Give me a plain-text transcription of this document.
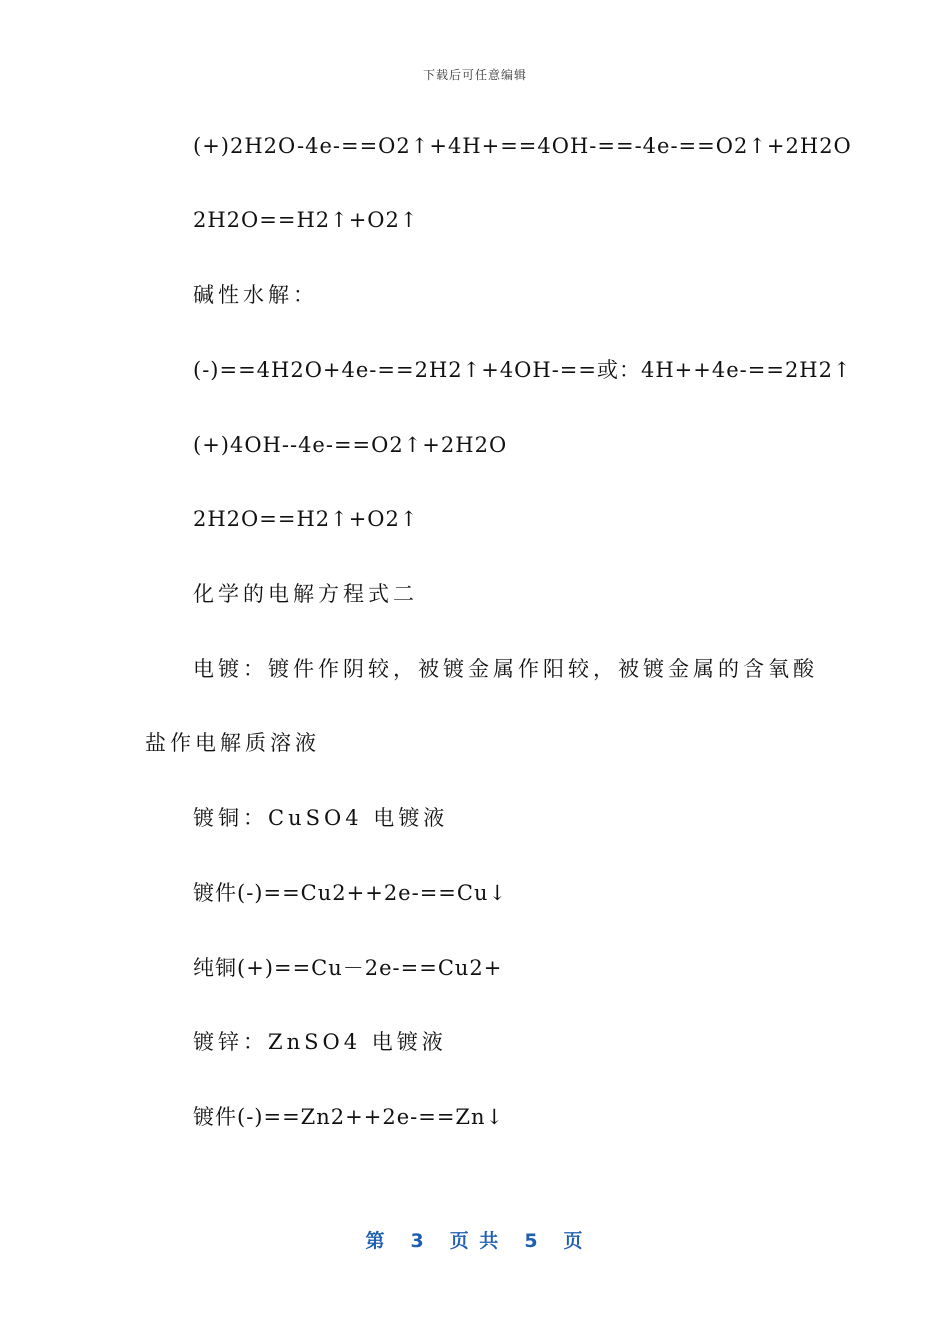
下载后可任意编辑
(+)2H2O-4e-==O2↑+4H+==4OH-==-4e-==O2↑+2H2O
2H2O==H2↑+O2↑
碱性水解：
(-)==4H2O+4e-==2H2↑+4OH-==或：4H++4e-==2H2↑
(+)4OH--4e-==O2↑+2H2O
2H2O==H2↑+O2↑
化学的电解方程式二
电镀：镀件作阴较，被镀金属作阳较，被镀金属的含氧酸
盐作电解质溶液
镀铜：CuSO4 电镀液
镀件(-)==Cu2++2e-==Cu↓
纯铜(+)==Cu－2e-==Cu2+
镀锌：ZnSO4 电镀液
镀件(-)==Zn2++2e-==Zn↓
第 3 页 共 5 页
